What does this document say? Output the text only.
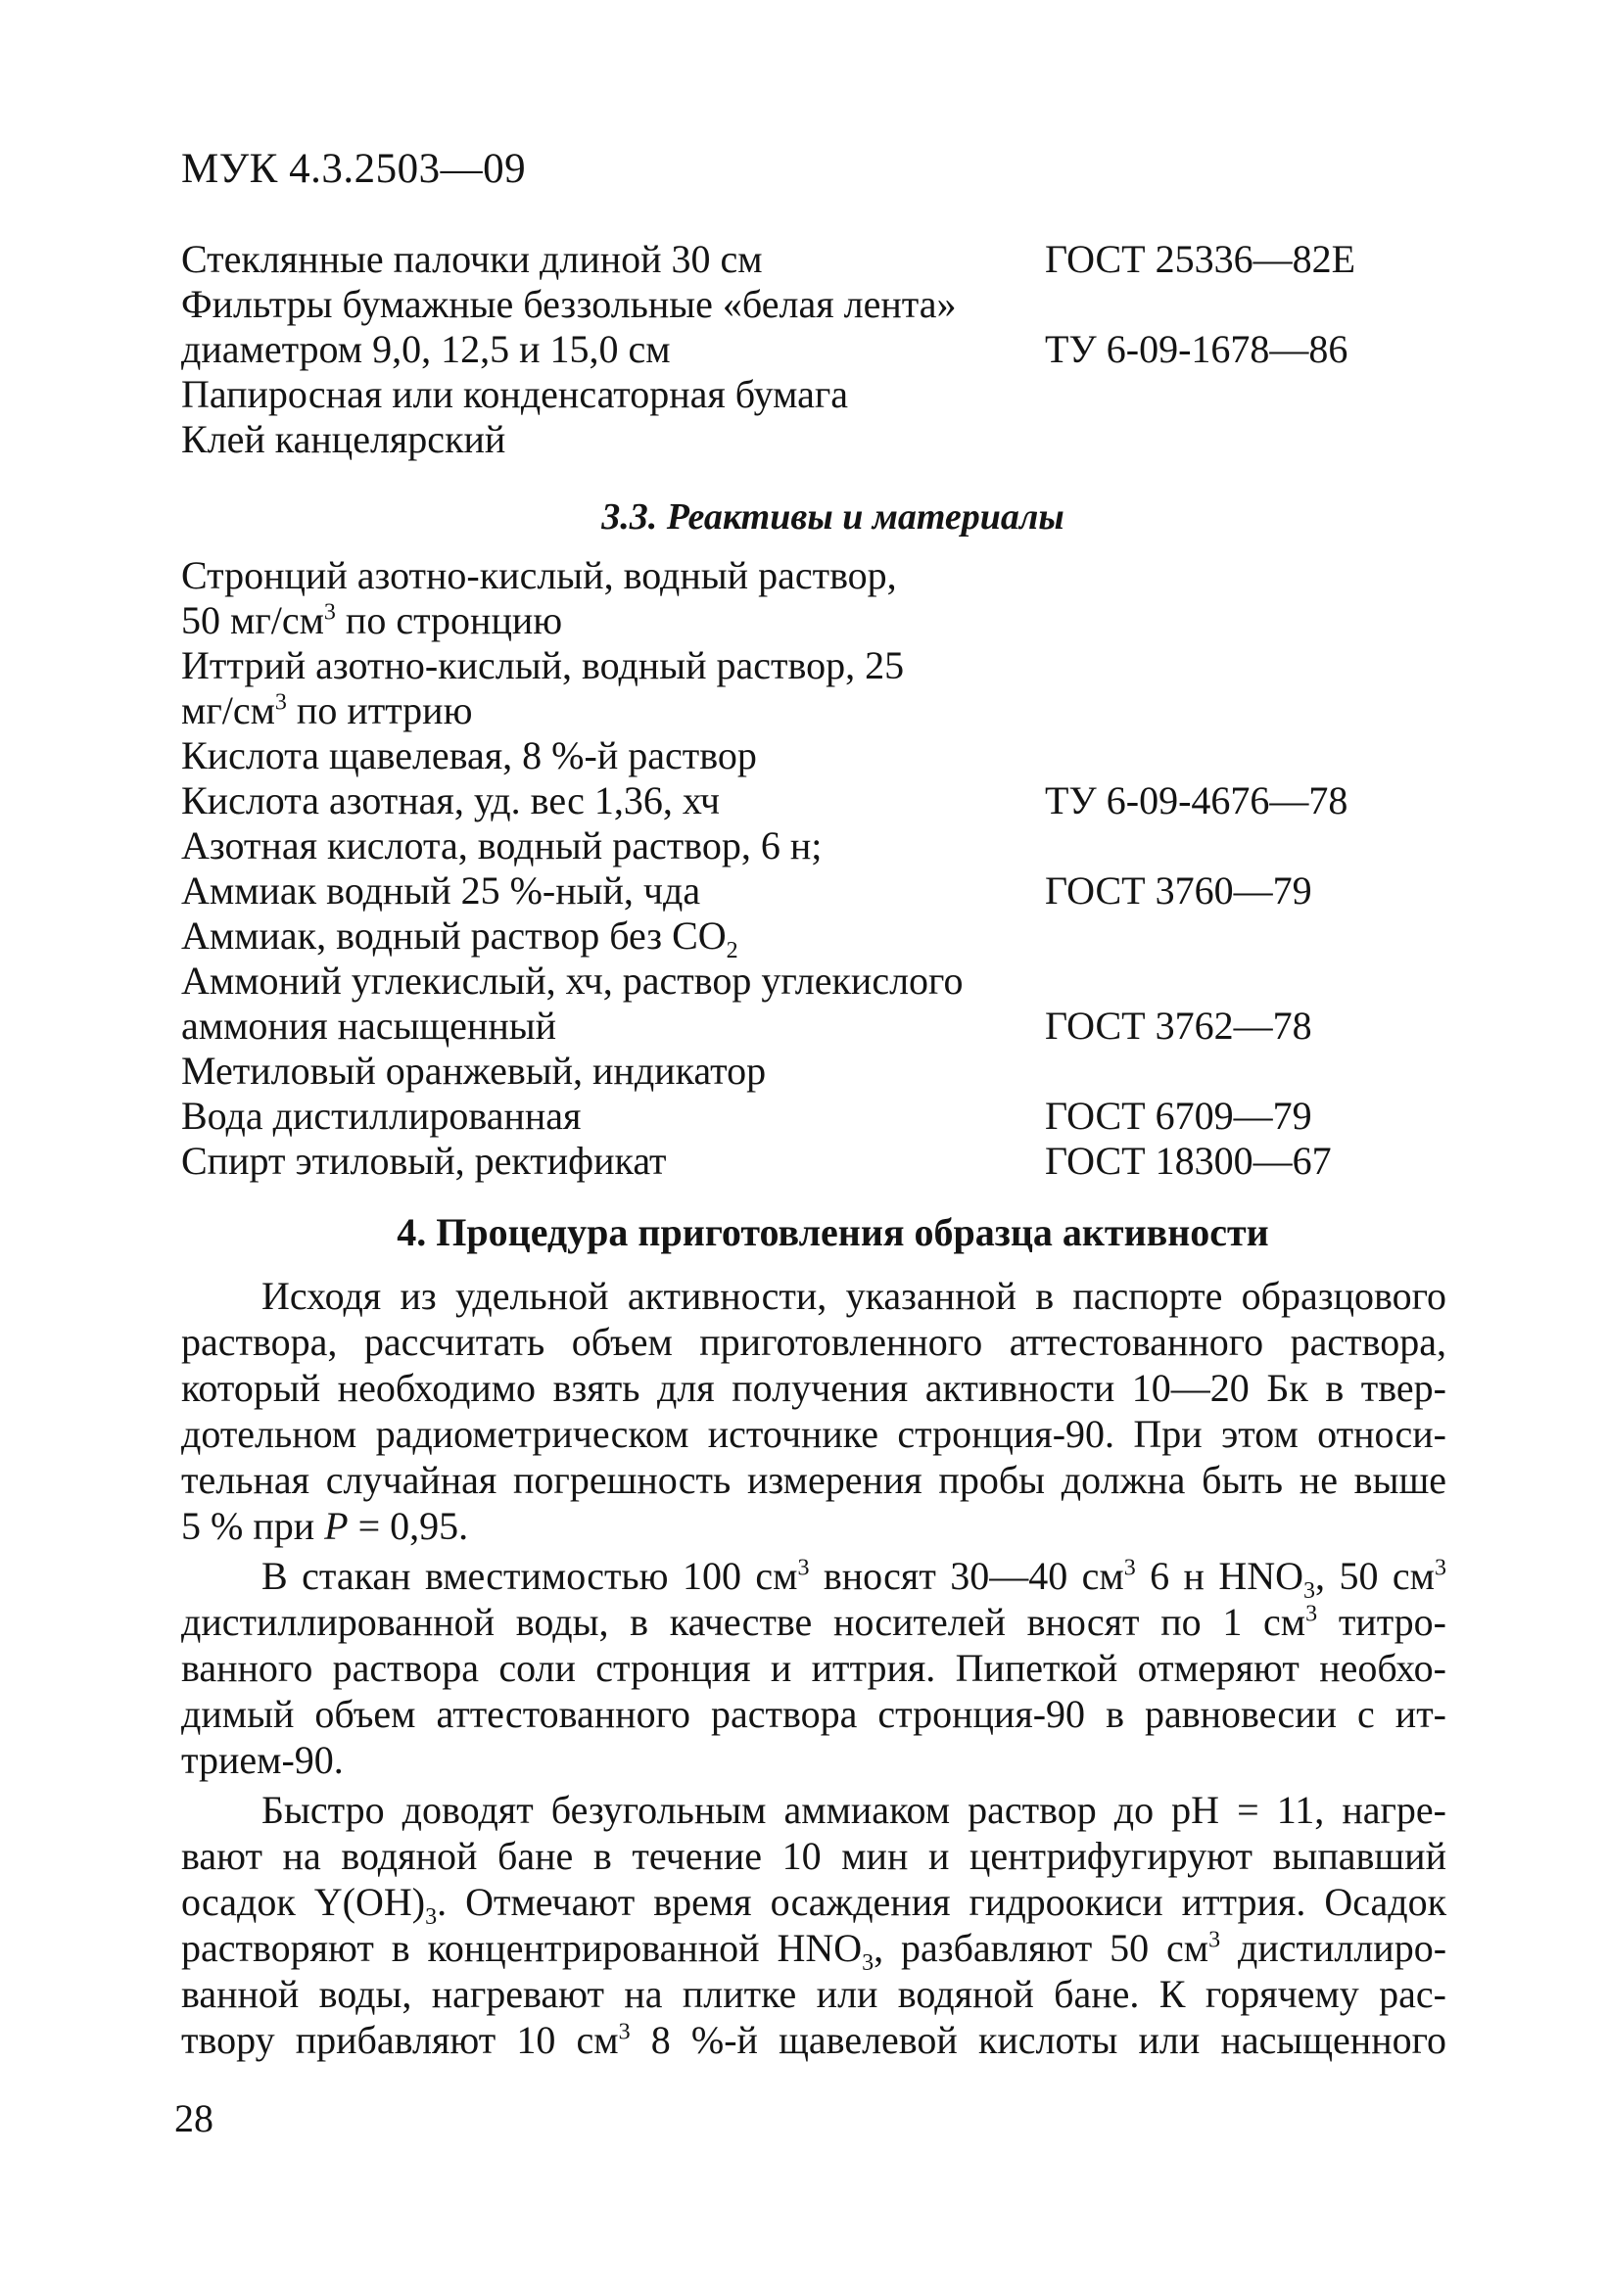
МУК 4.3.2503—09
Стеклянные палочки длиной 30 см	ГОСТ 25336—82Е
Фильтры бумажные беззольные «белая лента»
диаметром 9,0, 12,5 и 15,0 см	ТУ 6-09-1678—86
Папиросная или конденсаторная бумага
Клей канцелярский
3.3. Реактивы и материалы
Стронций азотно-кислый, водный раствор,
50 $мг/см^3$ по стронцию
Иттрий азотно-кислый, водный раствор, 25
$мг/см^3$ по иттрию
Кислота щавелевая, 8 %-й раствор
Кислота азотная, уд. вес 1,36, хч	ТУ 6-09-4676—78
Азотная кислота, водный раствор, 6 н;
Аммиак водный 25 %-ный, чда	ГОСТ 3760—79
Аммиак, водный раствор без $СО_2$
Аммоний углекислый, хч, раствор углекислого
аммония насыщенный	ГОСТ 3762—78
Метиловый оранжевый, индикатор
Вода дистиллированная	ГОСТ 6709—79
Спирт этиловый, ректификат	ГОСТ 18300—67
4. Процедура приготовления образца активности

Исходя из удельной активности, указанной в паспорте образцового
раствора, рассчитать объем приготовленного аттестованного раствора,
который необходимо взять для получения активности 10—20 Бк в твер-
дотельном радиометрическом источнике стронция-90. При этом относи-
тельная случайная погрешность измерения пробы должна быть не выше
5 % при P = 0,95.

В стакан вместимостью 100 $см^3$ вносят 30—40 $см^3$ 6 н $HNO_3$, 50 $см^3$
дистиллированной воды, в качестве носителей вносят по 1 $см^3$ титро-
ванного раствора соли стронция и иттрия. Пипеткой отмеряют необхо-
димый объем аттестованного раствора стронция-90 в равновесии с ит-
трием-90.

Быстро доводят безугольным аммиаком раствор до pH = 11, нагре-
вают на водяной бане в течение 10 мин и центрифугируют выпавший
осадок $Y(OH)_3$. Отмечают время осаждения гидроокиси иттрия. Осадок
растворяют в концентрированной $HNO_3$, разбавляют 50 $см^3$ дистиллиро-
ванной воды, нагревают на плитке или водяной бане. К горячему рас-
твору прибавляют 10 $см^3$ 8 %-й щавелевой кислоты или насыщенного

28
